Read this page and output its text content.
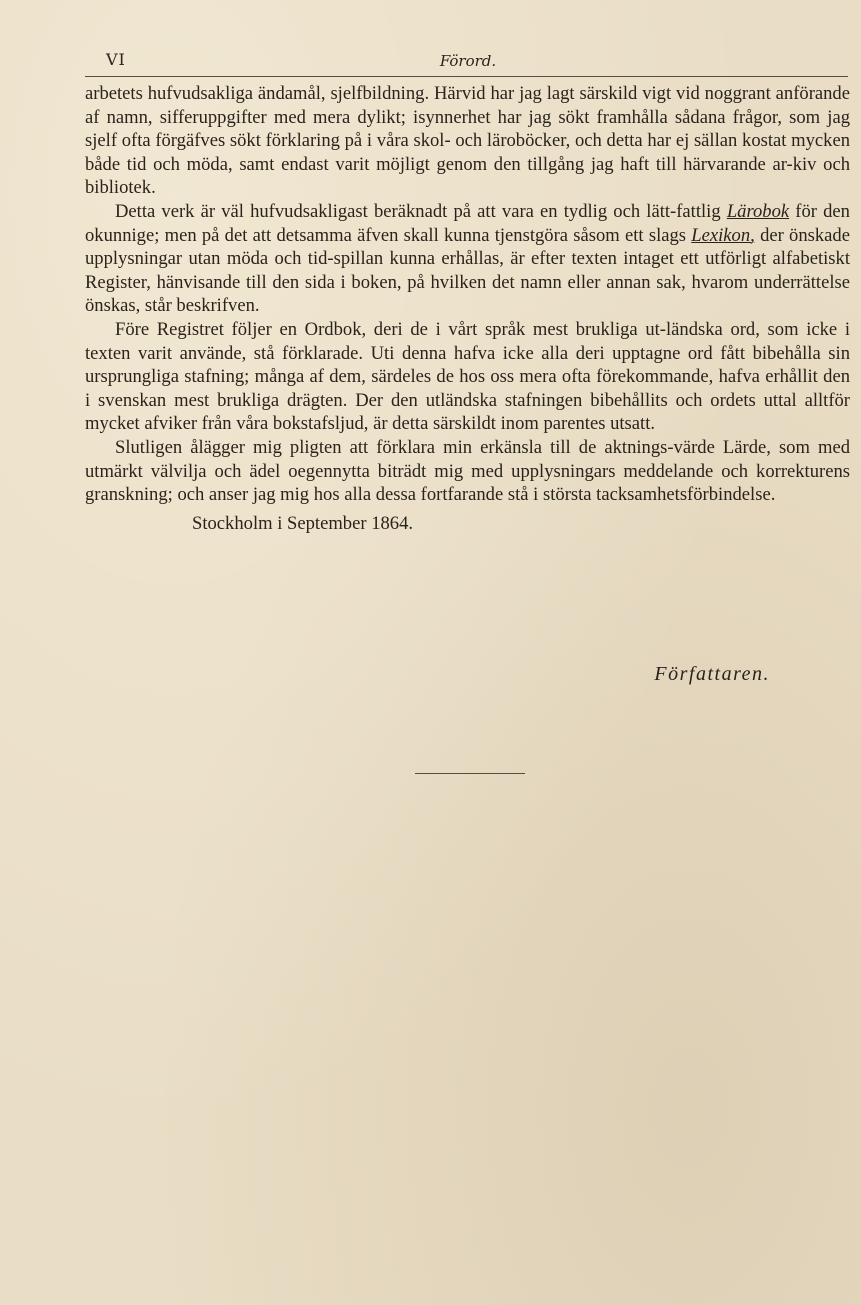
VI	Förord.

arbetets hufvudsakliga ändamål, sjelfbildning. Härvid har jag lagt särskild vigt vid noggrant anförande af namn, sifferuppgifter med mera dylikt; isynnerhet har jag sökt framhålla sådana frågor, som jag sjelf ofta förgäfves sökt förklaring på i våra skol- och läroböcker, och detta har ej sällan kostat mycken både tid och möda, samt endast varit möjligt genom den tillgång jag haft till härvarande ar-kiv och bibliotek.

Detta verk är väl hufvudsakligast beräknadt på att vara en tydlig och lätt-fattlig Lärobok för den okunnige; men på det att detsamma äfven skall kunna tjenstgöra såsom ett slags Lexikon, der önskade upplysningar utan möda och tid-spillan kunna erhållas, är efter texten intaget ett utförligt alfabetiskt Register, hänvisande till den sida i boken, på hvilken det namn eller annan sak, hvarom underrättelse önskas, står beskrifven.

Före Registret följer en Ordbok, deri de i vårt språk mest brukliga ut-ländska ord, som icke i texten varit använde, stå förklarade. Uti denna hafva icke alla deri upptagne ord fått bibehålla sin ursprungliga stafning; många af dem, särdeles de hos oss mera ofta förekommande, hafva erhållit den i svenskan mest brukliga drägten. Der den utländska stafningen bibehållits och ordets uttal alltför mycket afviker från våra bokstafsljud, är detta särskildt inom parentes utsatt.

Slutligen ålägger mig pligten att förklara min erkänsla till de aktnings-värde Lärde, som med utmärkt välvilja och ädel oegennytta biträdt mig med upplysningars meddelande och korrekturens granskning; och anser jag mig hos alla dessa fortfarande stå i största tacksamhetsförbindelse.

Stockholm i September 1864.

Författaren.
